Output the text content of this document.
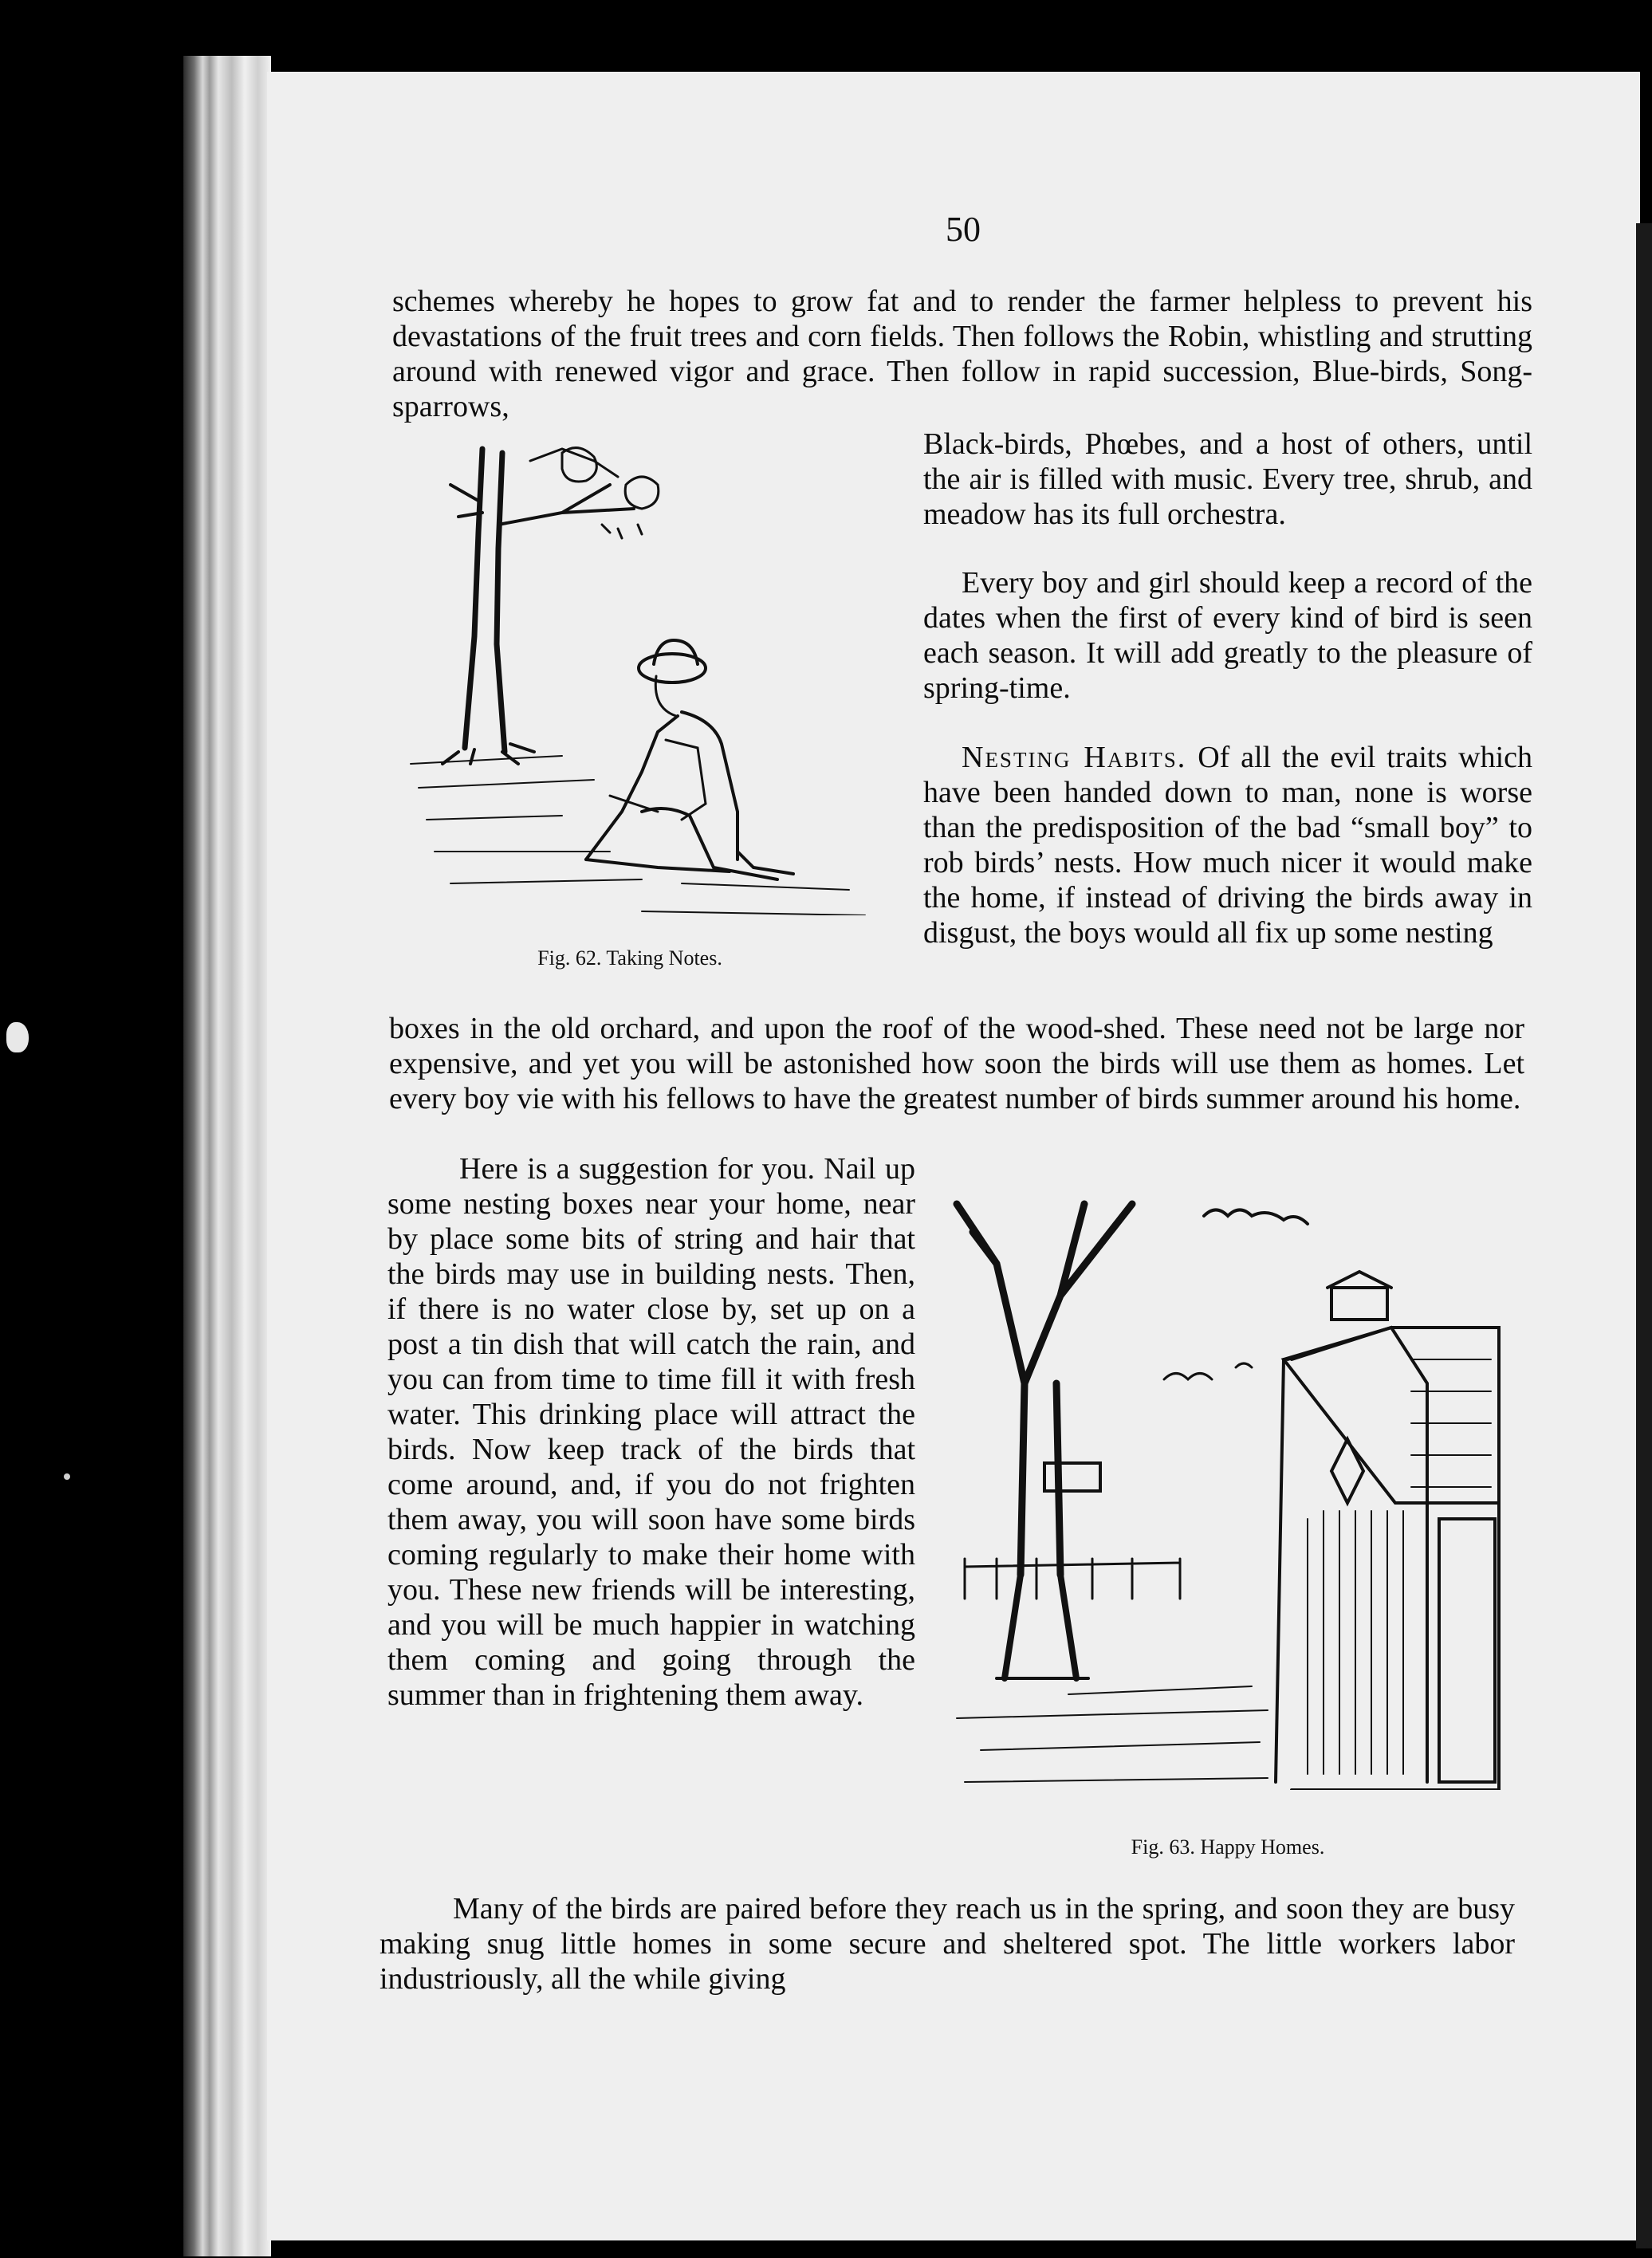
50

schemes whereby he hopes to grow fat and to render the farmer helpless to prevent his devastations of the fruit trees and corn fields. Then follows the Robin, whistling and strutting around with renewed vigor and grace. Then follow in rapid succession, Blue-birds, Song-sparrows,

Black-birds, Phœbes, and a host of others, until the air is filled with music. Every tree, shrub, and meadow has its full orchestra.

Every boy and girl should keep a record of the dates when the first of every kind of bird is seen each season. It will add greatly to the pleasure of spring-time.

Nesting Habits. Of all the evil traits which have been handed down to man, none is worse than the predisposition of the bad “small boy” to rob birds’ nests. How much nicer it would make the home, if instead of driving the birds away in disgust, the boys would all fix up some nesting

boxes in the old orchard, and upon the roof of the wood-shed. These need not be large nor expensive, and yet you will be astonished how soon the birds will use them as homes. Let every boy vie with his fellows to have the greatest number of birds summer around his home.

Here is a suggestion for you. Nail up some nesting boxes near your home, near by place some bits of string and hair that the birds may use in building nests. Then, if there is no water close by, set up on a post a tin dish that will catch the rain, and you can from time to time fill it with fresh water. This drinking place will attract the birds. Now keep track of the birds that come around, and, if you do not frighten them away, you will soon have some birds coming regularly to make their home with you. These new friends will be interesting, and you will be much happier in watching them coming and going through the summer than in frightening them away.

Many of the birds are paired before they reach us in the spring, and soon they are busy making snug little homes in some secure and sheltered spot. The little workers labor industriously, all the while giving

Fig. 62. Taking Notes.
Fig. 63. Happy Homes.
